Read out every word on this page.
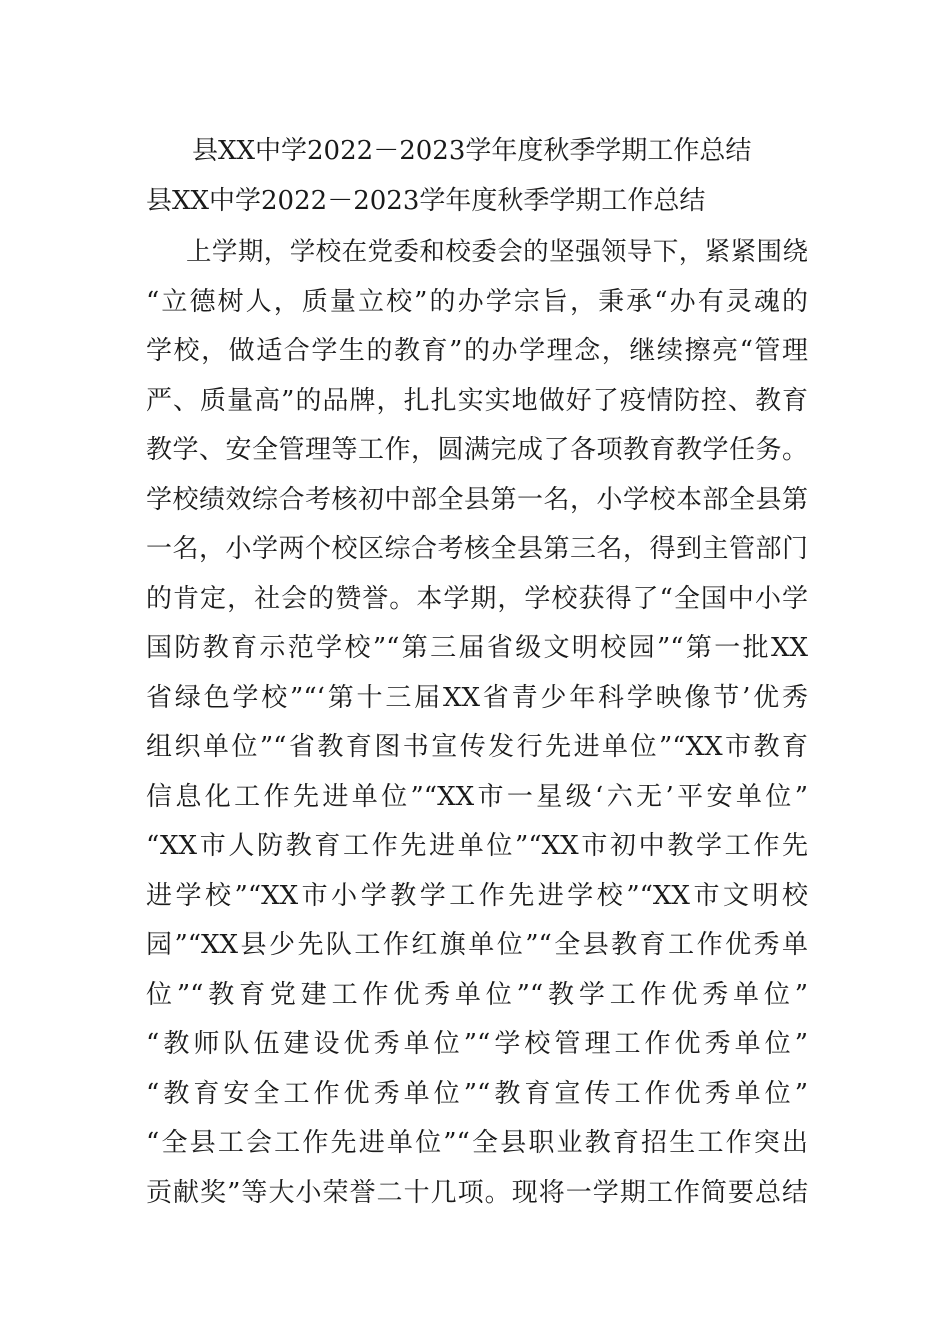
县XX中学2022－2023学年度秋季学期工作总结
县XX中学2022－2023学年度秋季学期工作总结
上学期，学校在党委和校委会的坚强领导下，紧紧围绕
“立德树人，质量立校”的办学宗旨，秉承“办有灵魂的
学校，做适合学生的教育”的办学理念，继续擦亮“管理
严、质量高”的品牌，扎扎实实地做好了疫情防控、教育
教学、安全管理等工作，圆满完成了各项教育教学任务。
学校绩效综合考核初中部全县第一名，小学校本部全县第
一名，小学两个校区综合考核全县第三名，得到主管部门
的肯定，社会的赞誉。本学期，学校获得了“全国中小学
国防教育示范学校”“第三届省级文明校园”“第一批XX
省绿色学校”“‘第十三届XX省青少年科学映像节’优秀
组织单位”“省教育图书宣传发行先进单位”“XX市教育
信息化工作先进单位”“XX市一星级‘六无’平安单位”
“XX市人防教育工作先进单位”“XX市初中教学工作先
进学校”“XX市小学教学工作先进学校”“XX市文明校
园”“XX县少先队工作红旗单位”“全县教育工作优秀单
位”“教育党建工作优秀单位”“教学工作优秀单位”
“教师队伍建设优秀单位”“学校管理工作优秀单位”
“教育安全工作优秀单位”“教育宣传工作优秀单位”
“全县工会工作先进单位”“全县职业教育招生工作突出
贡献奖”等大小荣誉二十几项。现将一学期工作简要总结
